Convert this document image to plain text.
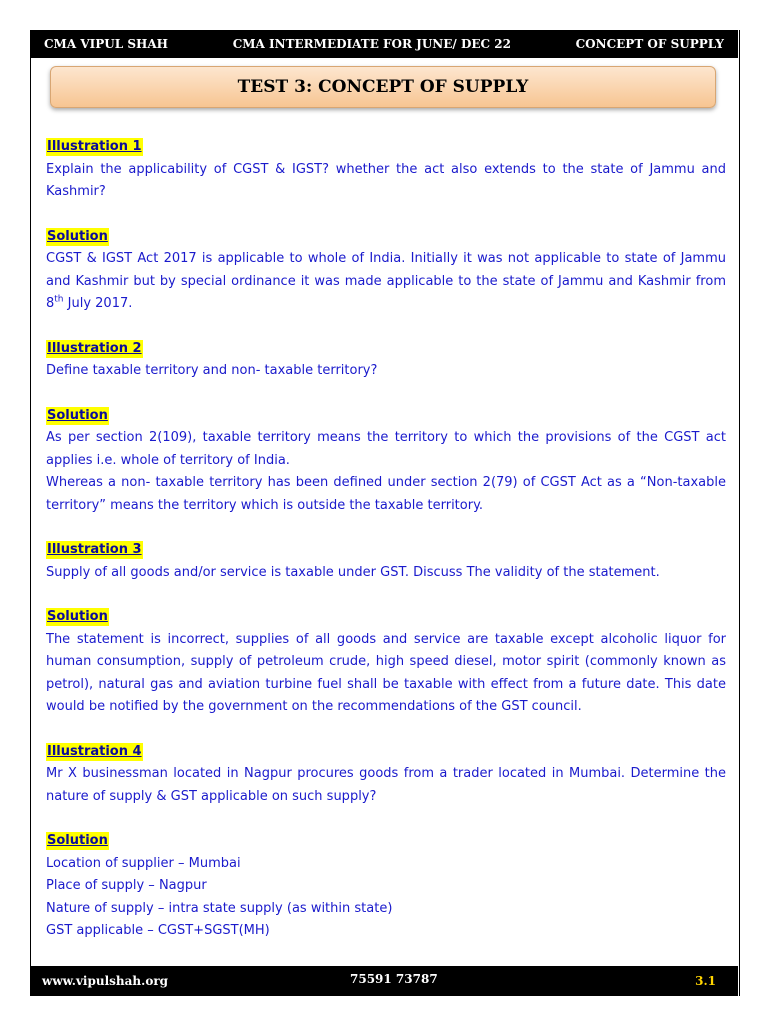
CMA VIPUL SHAH	CMA INTERMEDIATE FOR JUNE/ DEC 22	CONCEPT OF SUPPLY
TEST 3: CONCEPT OF SUPPLY
Illustration 1

Explain the applicability of CGST & IGST? whether the act also extends to the state of Jammu and Kashmir?

Solution

CGST & IGST Act 2017 is applicable to whole of India. Initially it was not applicable to state of Jammu and Kashmir but by special ordinance it was made applicable to the state of Jammu and Kashmir from 8th July 2017.

Illustration 2

Define taxable territory and non- taxable territory?

Solution

As per section 2(109), taxable territory means the territory to which the provisions of the CGST act applies i.e. whole of territory of India.

Whereas a non- taxable territory has been defined under section 2(79) of CGST Act as a “Non-taxable territory” means the territory which is outside the taxable territory.

Illustration 3

Supply of all goods and/or service is taxable under GST. Discuss The validity of the statement.

Solution

The statement is incorrect, supplies of all goods and service are taxable except alcoholic liquor for human consumption, supply of petroleum crude, high speed diesel, motor spirit (commonly known as petrol), natural gas and aviation turbine fuel shall be taxable with effect from a future date. This date would be notified by the government on the recommendations of the GST council.

Illustration 4

Mr X businessman located in Nagpur procures goods from a trader located in Mumbai. Determine the nature of supply & GST applicable on such supply?

Solution

Location of supplier – Mumbai

Place of supply – Nagpur

Nature of supply – intra state supply (as within state)

GST applicable – CGST+SGST(MH)

www.vipulshah.org	75591 73787	3.1
